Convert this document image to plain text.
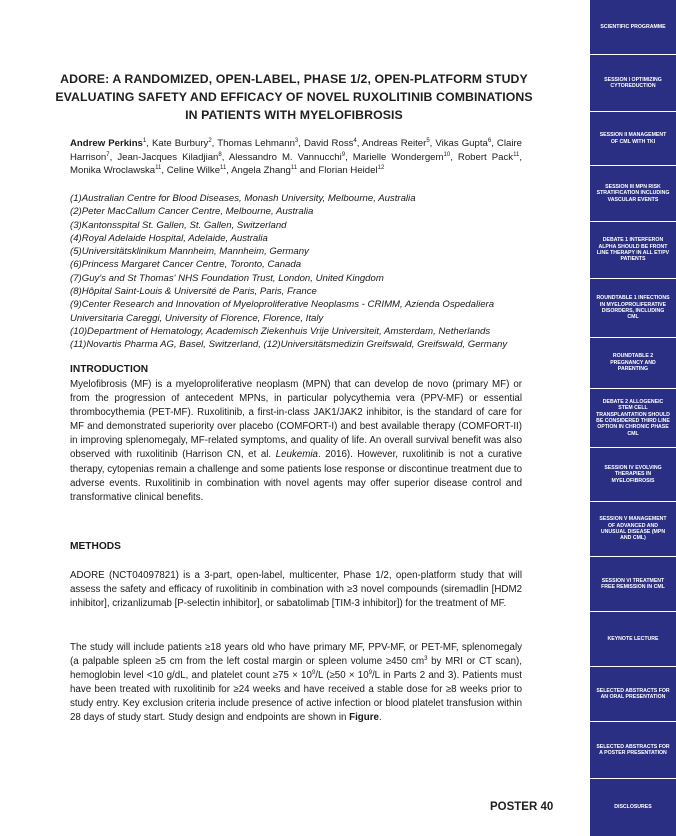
ADORE: A RANDOMIZED, OPEN-LABEL, PHASE 1/2, OPEN-PLATFORM STUDY
EVALUATING SAFETY AND EFFICACY OF NOVEL RUXOLITINIB COMBINATIONS
IN PATIENTS WITH MYELOFIBROSIS
Andrew Perkins$^1$, Kate Burbury$^2$, Thomas Lehmann$^3$, David Ross$^4$, Andreas Reiter$^5$, Vikas Gupta$^6$, Claire Harrison$^7$, Jean-Jacques Kiladjian$^8$, Alessandro M. Vannucchi$^9$, Marielle Wondergem$^{10}$, Robert Pack$^{11}$, Monika Wroclawska$^{11}$, Celine Wilke$^{11}$, Angela Zhang$^{11}$ and Florian Heidel$^{12}$
(1)Australian Centre for Blood Diseases, Monash University, Melbourne, Australia
(2)Peter MacCallum Cancer Centre, Melbourne, Australia
(3)Kantonsspital St. Gallen, St. Gallen, Switzerland
(4)Royal Adelaide Hospital, Adelaide, Australia
(5)Universitätsklinikum Mannheim, Mannheim, Germany
(6)Princess Margaret Cancer Centre, Toronto, Canada
(7)Guy's and St Thomas' NHS Foundation Trust, London, United Kingdom
(8)Hôpital Saint-Louis & Université de Paris, Paris, France
(9)Center Research and Innovation of Myeloproliferative Neoplasms - CRIMM, Azienda Ospedaliera
Universitaria Careggi, University of Florence, Florence, Italy
(10)Department of Hematology, Academisch Ziekenhuis Vrije Universiteit, Amsterdam, Netherlands
(11)Novartis Pharma AG, Basel, Switzerland, (12)Universitätsmedizin Greifswald, Greifswald, Germany
INTRODUCTION
Myelofibrosis (MF) is a myeloproliferative neoplasm (MPN) that can develop de novo (primary MF) or from the progression of antecedent MPNs, in particular polycythemia vera (PPV-MF) or essential thrombocythemia (PET-MF). Ruxolitinib, a first-in-class JAK1/JAK2 inhibitor, is the standard of care for MF and demonstrated superiority over placebo (COMFORT-I) and best available therapy (COMFORT-II) in improving splenomegaly, MF-related symptoms, and quality of life. An overall survival benefit was also observed with ruxolitinib (Harrison CN, et al. Leukemia. 2016). However, ruxolitinib is not a curative therapy, cytopenias remain a challenge and some patients lose response or discontinue treatment due to adverse events. Ruxolitinib in combination with novel agents may offer superior disease control and transformative clinical benefits.
METHODS
ADORE (NCT04097821) is a 3-part, open-label, multicenter, Phase 1/2, open-platform study that will assess the safety and efficacy of ruxolitinib in combination with ≥3 novel compounds (siremadlin [HDM2 inhibitor], crizanlizumab [P-selectin inhibitor], or sabatolimab [TIM-3 inhibitor]) for the treatment of MF.
The study will include patients ≥18 years old who have primary MF, PPV-MF, or PET-MF, splenomegaly (a palpable spleen ≥5 cm from the left costal margin or spleen volume ≥450 $cm^3$ by MRI or CT scan), hemoglobin level <10 g/dL, and platelet count $\ge 75 \times 10^9/L$ ($\ge 50 \times 10^9/L$ in Parts 2 and 3). Patients must have been treated with ruxolitinib for ≥24 weeks and have received a stable dose for ≥8 weeks prior to study entry. Key exclusion criteria include presence of active infection or blood platelet transfusion within 28 days of study start. Study design and endpoints are shown in Figure.
POSTER 40
SCIENTIFIC PROGRAMME
SESSION I OPTIMIZING CYTOREDUCTION
SESSION II MANAGEMENT OF CML WITH TKI
SESSION III MPN RISK STRATIFICATION INCLUDING VASCULAR EVENTS
DEBATE 1 INTERFERON ALPHA SHOULD BE FRONT LINE THERAPY IN ALL ET/PV PATIENTS
ROUNDTABLE 1 INFECTIONS IN MYELOPROLIFERATIVE DISORDERS, INCLUDING CML
ROUNDTABLE 2 PREGNANCY AND PARENTING
DEBATE 2 ALLOGENEIC STEM CELL TRANSPLANTATION SHOULD BE CONSIDERED THIRD LINE OPTION IN CHRONIC PHASE CML
SESSION IV EVOLVING THERAPIES IN MYELOFIBROSIS
SESSION V MANAGEMENT OF ADVANCED AND UNUSUAL DISEASE (MPN AND CML)
SESSION VI TREATMENT FREE REMISSION IN CML
KEYNOTE LECTURE
SELECTED ABSTRACTS FOR AN ORAL PRESENTATION
SELECTED ABSTRACTS FOR A POSTER PRESENTATION
DISCLOSURES
